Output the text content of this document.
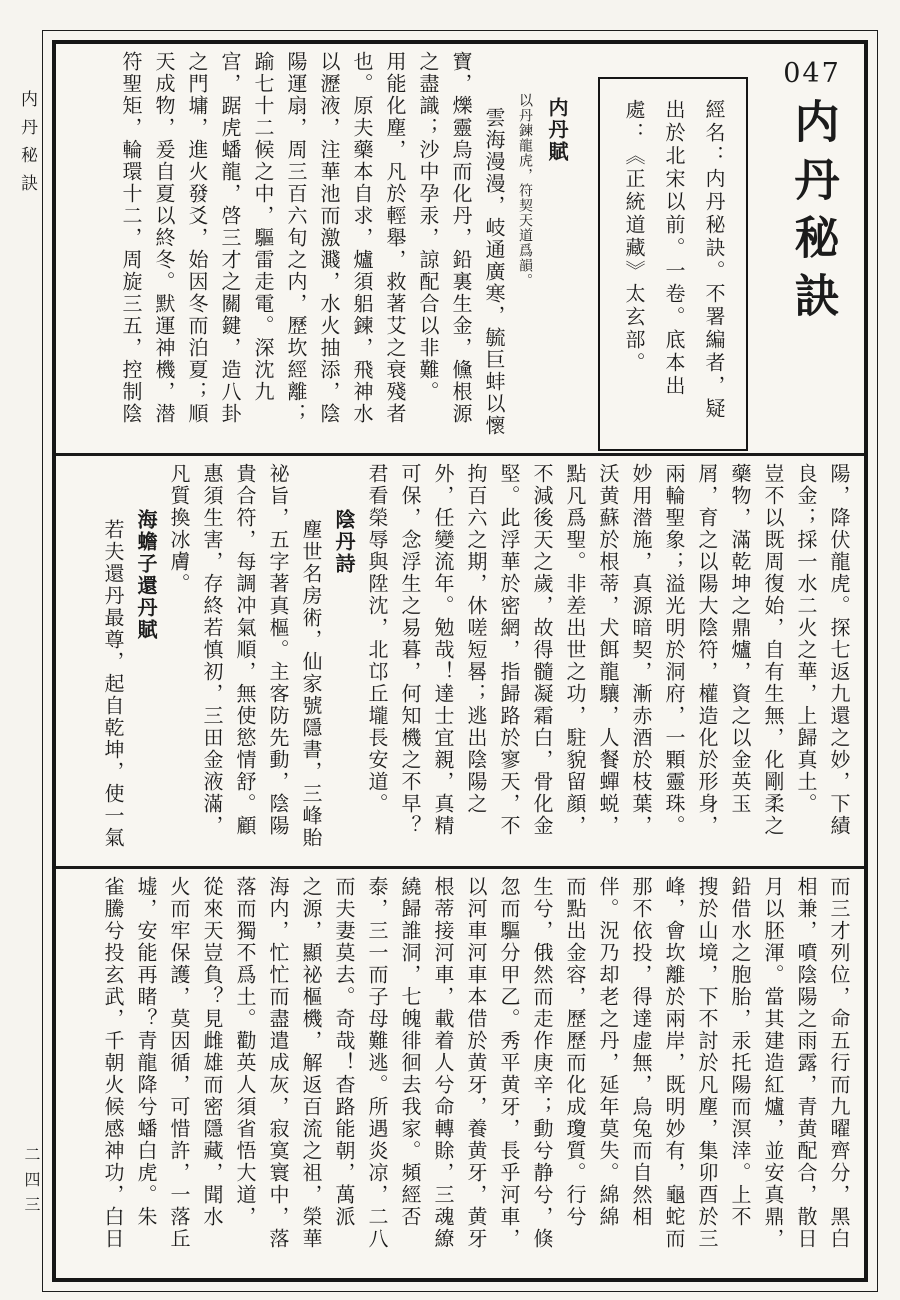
内丹秘訣
二四三
047
内丹秘訣
經名：内丹秘訣。不署編者，疑
出於北宋以前。一卷。底本出
處：《正統道藏》太玄部。
内丹賦
以丹鍊龍虎，符契天道爲韻。
雲海漫漫，岐通廣寒，毓巨蚌以懷
寶，爍靈烏而化丹，鉛裏生金，儵根源
之盡識；沙中孕汞，諒配合以非難。
用能化塵，凡於輕舉，救著艾之衰殘者
也。原夫藥本自求，爐須躳鍊，飛神水
以瀝液，注華池而激濺，水火抽添，陰
陽運扇，周三百六旬之内，歷坎經離；
踰七十二候之中，驅雷走電。深沈九
宫，踞虎蟠龍，啓三才之關鍵，造八卦
之門墉，進火發爻，始因冬而泊夏；順
天成物，爰自夏以終冬。默運神機，潜
符聖矩，輪環十二，周旋三五，控制陰
陽，降伏龍虎。探七返九還之妙，下績
良金；採一水二火之華，上歸真土。
豈不以既周復始，自有生無，化剛柔之
藥物，滿乾坤之鼎爐，資之以金英玉
屑，育之以陽大陰符，權造化於形身，
兩輪聖象；溢光明於洞府，一顆靈珠。
妙用潜施，真源暗契，漸赤酒於枝葉，
沃黄蘇於根蒂，犬餌龍驤，人餐蟬蜕，
點凡爲聖。非差出世之功，駐貌留顔，
不減後天之歲，故得髓凝霜白，骨化金
堅。此浮華於密網，指歸路於寥天，不
拘百六之期，休嗟短晷；逃出陰陽之
外，任變流年。勉哉！達士宜親，真精
可保，念浮生之易暮，何知機之不早？
君看榮辱與陞沈，北邙丘壠長安道。
陰丹詩
塵世名房術，仙家號隱書，三峰貽
祕旨，五字著真樞。主客防先動，陰陽
貴合符，每調冲氣順，無使慾情舒。顧
惠須生害，存終若慎初，三田金液滿，
凡質換冰膚。
海蟾子還丹賦
若夫還丹最尊，起自乾坤，使一氣
而三才列位，命五行而九曜齊分，黑白
相兼，噴陰陽之雨露，青黄配合，散日
月以胚渾。當其建造紅爐，並安真鼎，
鉛借水之胞胎，汞托陽而溟涬。上不
搜於山境，下不討於凡塵，集卯酉於三
峰，會坎離於兩岸，既明妙有，龜蛇而
那不依投，得達虚無，烏兔而自然相
伴。況乃却老之丹，延年莫失。綿綿
而點出金容，歷歷而化成瓊質。行兮
生兮，俄然而走作庚辛；動兮静兮，倏
忽而驅分甲乙。秀平黄牙，長乎河車，
以河車河車本借於黄牙，養黄牙，黄牙
根蒂接河車，載着人兮命轉賖，三魂繚
繞歸誰洞，七魄徘徊去我家。頻經否
泰，三一而子母難逃。所遇炎凉，二八
而夫妻莫去。奇哉！杳路能朝，萬派
之源，顯祕樞機，解返百流之祖，榮華
海内，忙忙而盡遣成灰，寂寞寰中，落
落而獨不爲土。勸英人須省悟大道，
從來天豈負？見雌雄而密隱藏，聞水
火而牢保護，莫因循，可惜許，一落丘
墟，安能再睹？青龍降兮蟠白虎。朱
雀騰兮投玄武，千朝火候感神功，白日
